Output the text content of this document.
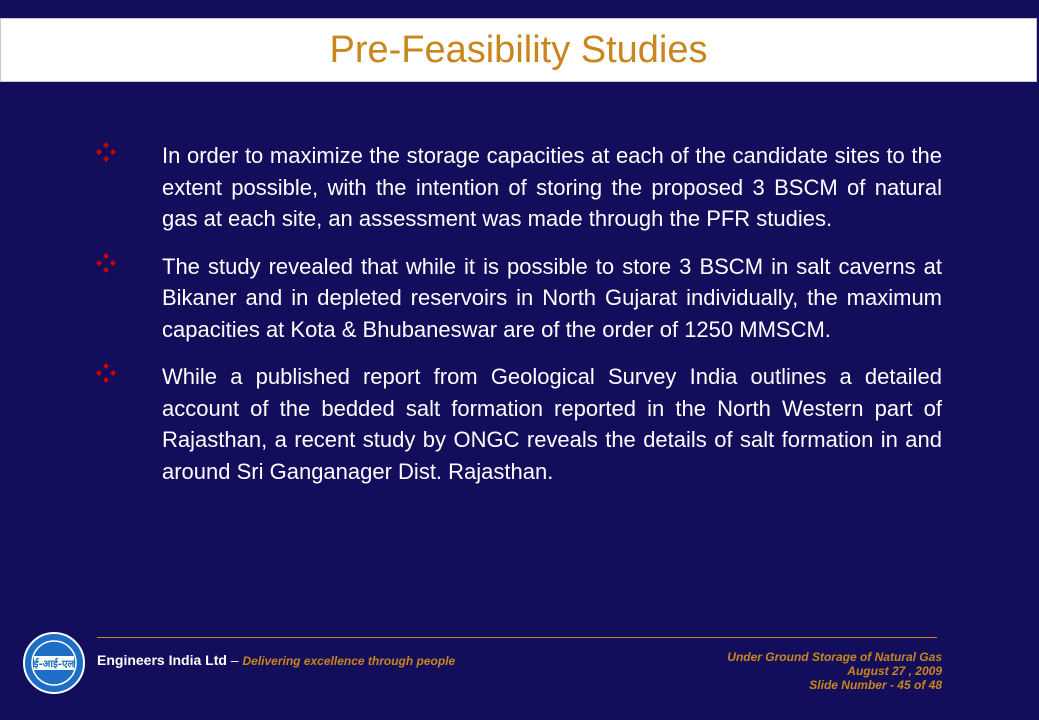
Pre-Feasibility Studies
In order to maximize the storage capacities at each of the candidate sites to the extent possible, with the intention of storing the proposed 3 BSCM of natural gas at each site, an assessment was made through the PFR studies.
The study revealed that while it is possible to store 3 BSCM in salt caverns at Bikaner and in depleted reservoirs in North Gujarat individually, the maximum capacities at Kota & Bhubaneswar are of the order of 1250 MMSCM.
While a published report from Geological Survey India outlines a detailed account of the bedded salt formation reported in the North Western part of Rajasthan, a recent study by ONGC reveals the details of salt formation in and around Sri Ganganager Dist. Rajasthan.
ई-आई-एल Engineers India Ltd – Delivering excellence through people	Under Ground Storage of Natural Gas
August 27 , 2009
Slide Number - 45 of 48
